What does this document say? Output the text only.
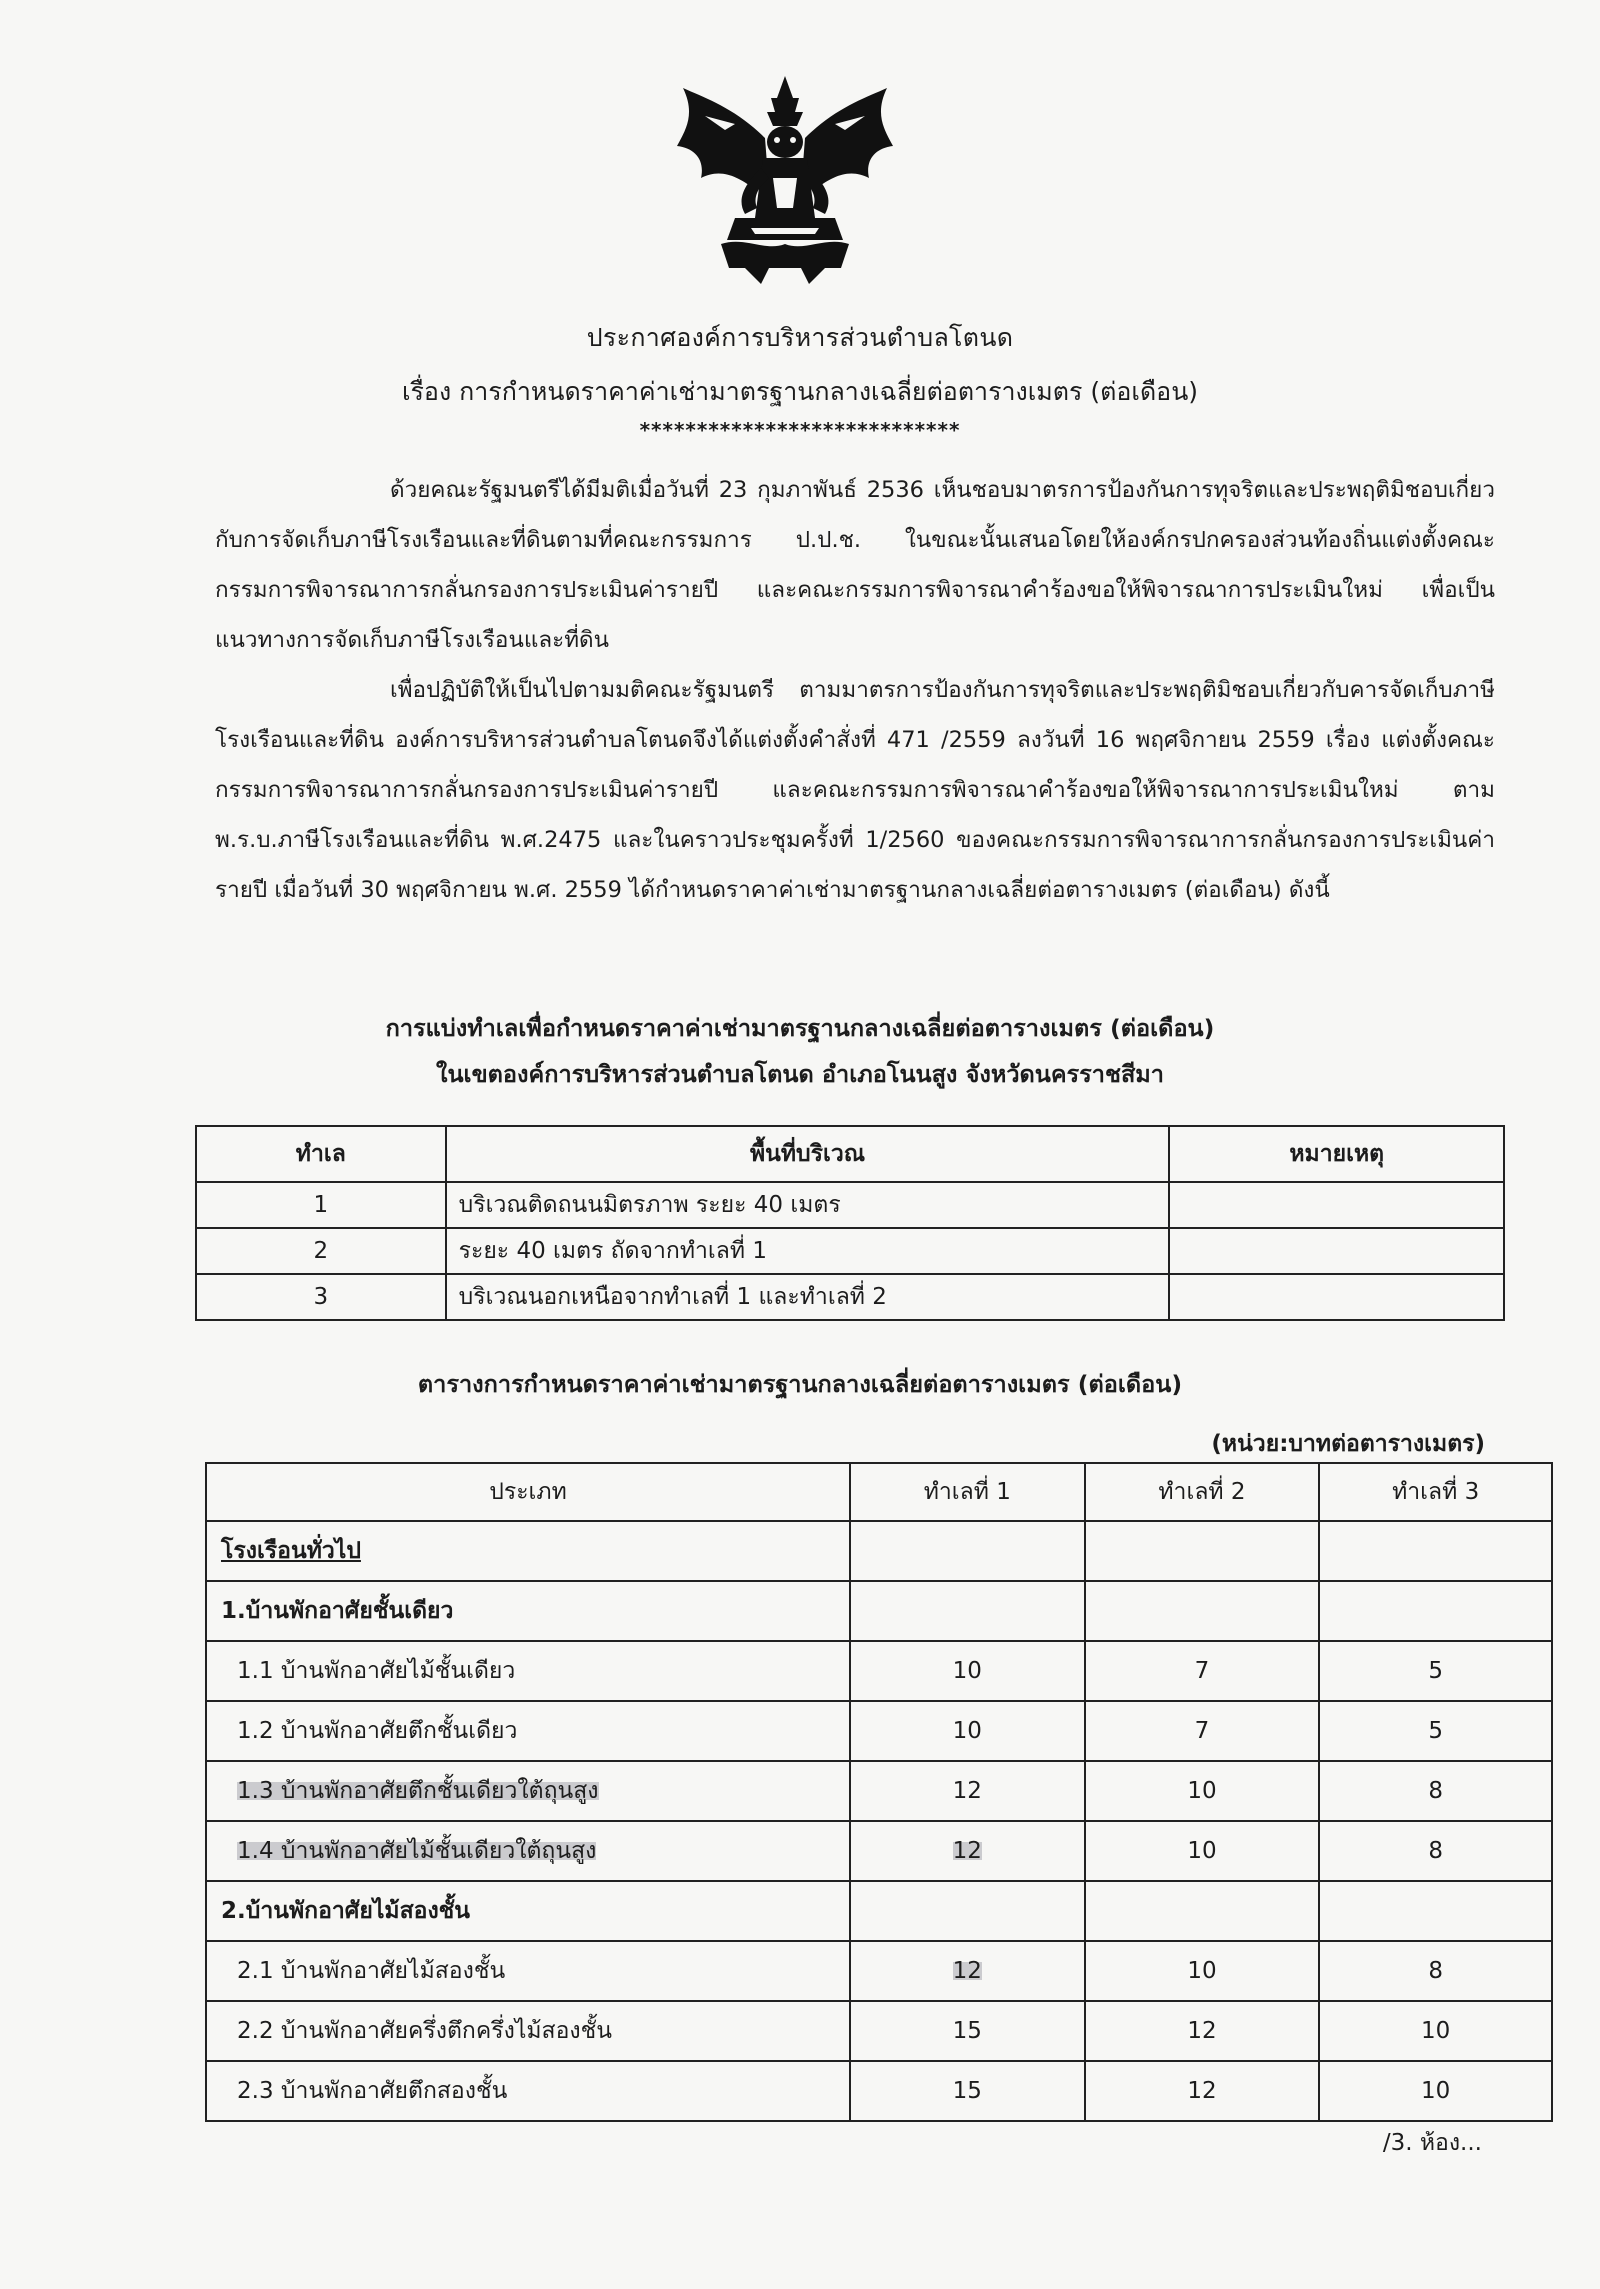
ประกาศองค์การบริหารส่วนตำบลโตนด
เรื่อง การกำหนดราคาค่าเช่ามาตรฐานกลางเฉลี่ยต่อตารางเมตร (ต่อเดือน)
****************************

ด้วยคณะรัฐมนตรีได้มีมติเมื่อวันที่ 23 กุมภาพันธ์ 2536 เห็นชอบมาตรการป้องกันการทุจริตและประพฤติมิชอบเกี่ยวกับการจัดเก็บภาษีโรงเรือนและที่ดินตามที่คณะกรรมการ ป.ป.ช. ในขณะนั้นเสนอโดยให้องค์กรปกครองส่วนท้องถิ่นแต่งตั้งคณะกรรมการพิจารณาการกลั่นกรองการประเมินค่ารายปี และคณะกรรมการพิจารณาคำร้องขอให้พิจารณาการประเมินใหม่ เพื่อเป็นแนวทางการจัดเก็บภาษีโรงเรือนและที่ดิน

เพื่อปฏิบัติให้เป็นไปตามมติคณะรัฐมนตรี ตามมาตรการป้องกันการทุจริตและประพฤติมิชอบเกี่ยวกับคารจัดเก็บภาษีโรงเรือนและที่ดิน องค์การบริหารส่วนตำบลโตนดจึงได้แต่งตั้งคำสั่งที่ 471 /2559 ลงวันที่ 16 พฤศจิกายน 2559 เรื่อง แต่งตั้งคณะกรรมการพิจารณาการกลั่นกรองการประเมินค่ารายปี และคณะกรรมการพิจารณาคำร้องขอให้พิจารณาการประเมินใหม่ ตาม พ.ร.บ.ภาษีโรงเรือนและที่ดิน พ.ศ.2475 และในคราวประชุมครั้งที่ 1/2560 ของคณะกรรมการพิจารณาการกลั่นกรองการประเมินค่ารายปี เมื่อวันที่ 30 พฤศจิกายน พ.ศ. 2559 ได้กำหนดราคาค่าเช่ามาตรฐานกลางเฉลี่ยต่อตารางเมตร (ต่อเดือน) ดังนี้

การแบ่งทำเลเพื่อกำหนดราคาค่าเช่ามาตรฐานกลางเฉลี่ยต่อตารางเมตร (ต่อเดือน)
ในเขตองค์การบริหารส่วนตำบลโตนด อำเภอโนนสูง จังหวัดนครราชสีมา
ทำเล	พื้นที่บริเวณ	หมายเหตุ
1	บริเวณติดถนนมิตรภาพ ระยะ 40 เมตร	
2	ระยะ 40 เมตร ถัดจากทำเลที่ 1	
3	บริเวณนอกเหนือจากทำเลที่ 1 และทำเลที่ 2	
ตารางการกำหนดราคาค่าเช่ามาตรฐานกลางเฉลี่ยต่อตารางเมตร (ต่อเดือน)
(หน่วย:บาทต่อตารางเมตร)
ประเภท	ทำเลที่ 1	ทำเลที่ 2	ทำเลที่ 3
โรงเรือนทั่วไป			
1.บ้านพักอาศัยชั้นเดียว			
1.1 บ้านพักอาศัยไม้ชั้นเดียว	10	7	5
1.2 บ้านพักอาศัยตึกชั้นเดียว	10	7	5
1.3 บ้านพักอาศัยตึกชั้นเดียวใต้ถุนสูง	12	10	8
1.4 บ้านพักอาศัยไม้ชั้นเดียวใต้ถุนสูง	12	10	8
2.บ้านพักอาศัยไม้สองชั้น			
2.1 บ้านพักอาศัยไม้สองชั้น	12	10	8
2.2 บ้านพักอาศัยครึ่งตึกครึ่งไม้สองชั้น	15	12	10
2.3 บ้านพักอาศัยตึกสองชั้น	15	12	10
/3. ห้อง...
